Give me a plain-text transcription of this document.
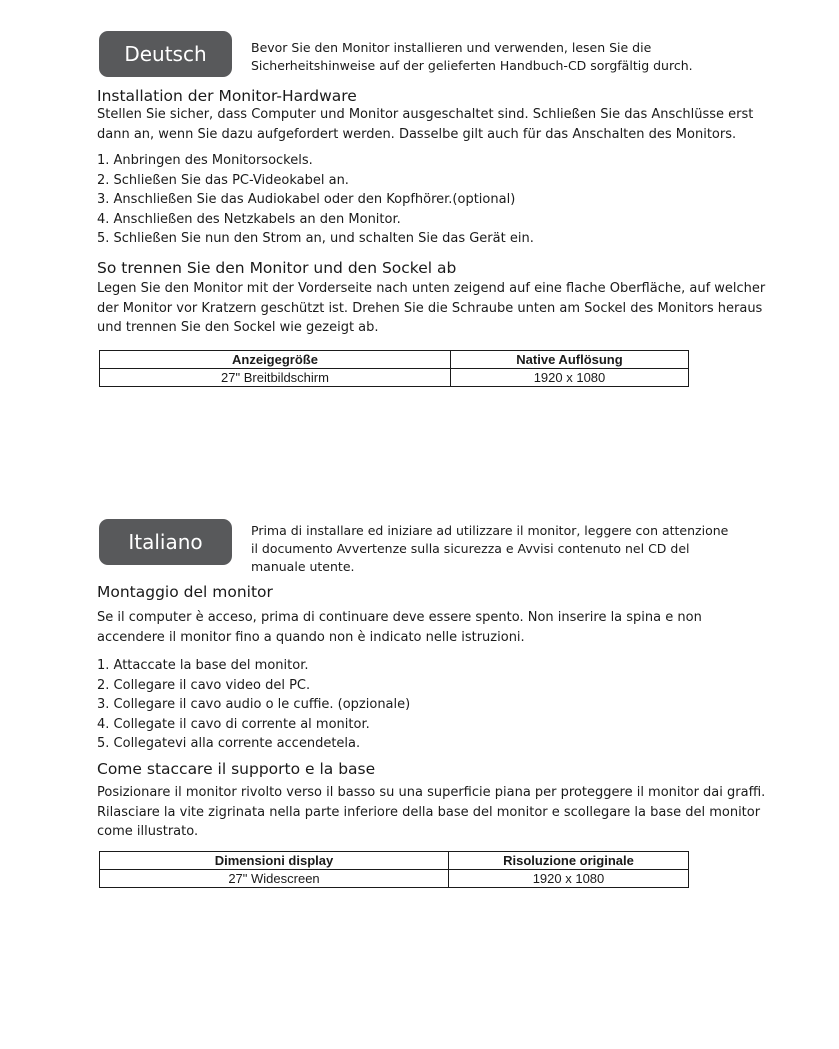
Deutsch	Bevor Sie den Monitor installieren und verwenden, lesen Sie die Sicherheitshinweise auf der gelieferten Handbuch-CD sorgfältig durch.
Installation der Monitor-Hardware
Stellen Sie sicher, dass Computer und Monitor ausgeschaltet sind. Schließen Sie das Anschlüsse erst dann an, wenn Sie dazu aufgefordert werden. Dasselbe gilt auch für das Anschalten des Monitors.
1. Anbringen des Monitorsockels.
2. Schließen Sie das PC-Videokabel an.
3. Anschließen Sie das Audiokabel oder den Kopfhörer.(optional)
4. Anschließen des Netzkabels an den Monitor.
5. Schließen Sie nun den Strom an, und schalten Sie das Gerät ein.
So trennen Sie den Monitor und den Sockel ab
Legen Sie den Monitor mit der Vorderseite nach unten zeigend auf eine flache Oberfläche, auf welcher der Monitor vor Kratzern geschützt ist. Drehen Sie die Schraube unten am Sockel des Monitors heraus und trennen Sie den Sockel wie gezeigt ab.
Anzeigegröße	Native Auflösung
27" Breitbildschirm	1920 x 1080
Italiano	Prima di installare ed iniziare ad utilizzare il monitor, leggere con attenzione il documento Avvertenze sulla sicurezza e Avvisi contenuto nel CD del manuale utente.
Montaggio del monitor
Se il computer è acceso, prima di continuare deve essere spento. Non inserire la spina e non accendere il monitor fino a quando non è indicato nelle istruzioni.
1. Attaccate la base del monitor.
2. Collegare il cavo video del PC.
3. Collegare il cavo audio o le cuffie. (opzionale)
4. Collegate il cavo di corrente al monitor.
5. Collegatevi alla corrente accendetela.
Come staccare il supporto e la base
Posizionare il monitor rivolto verso il basso su una superficie piana per proteggere il monitor dai graffi. Rilasciare la vite zigrinata nella parte inferiore della base del monitor e scollegare la base del monitor come illustrato.
Dimensioni display	Risoluzione originale
27" Widescreen	1920 x 1080
